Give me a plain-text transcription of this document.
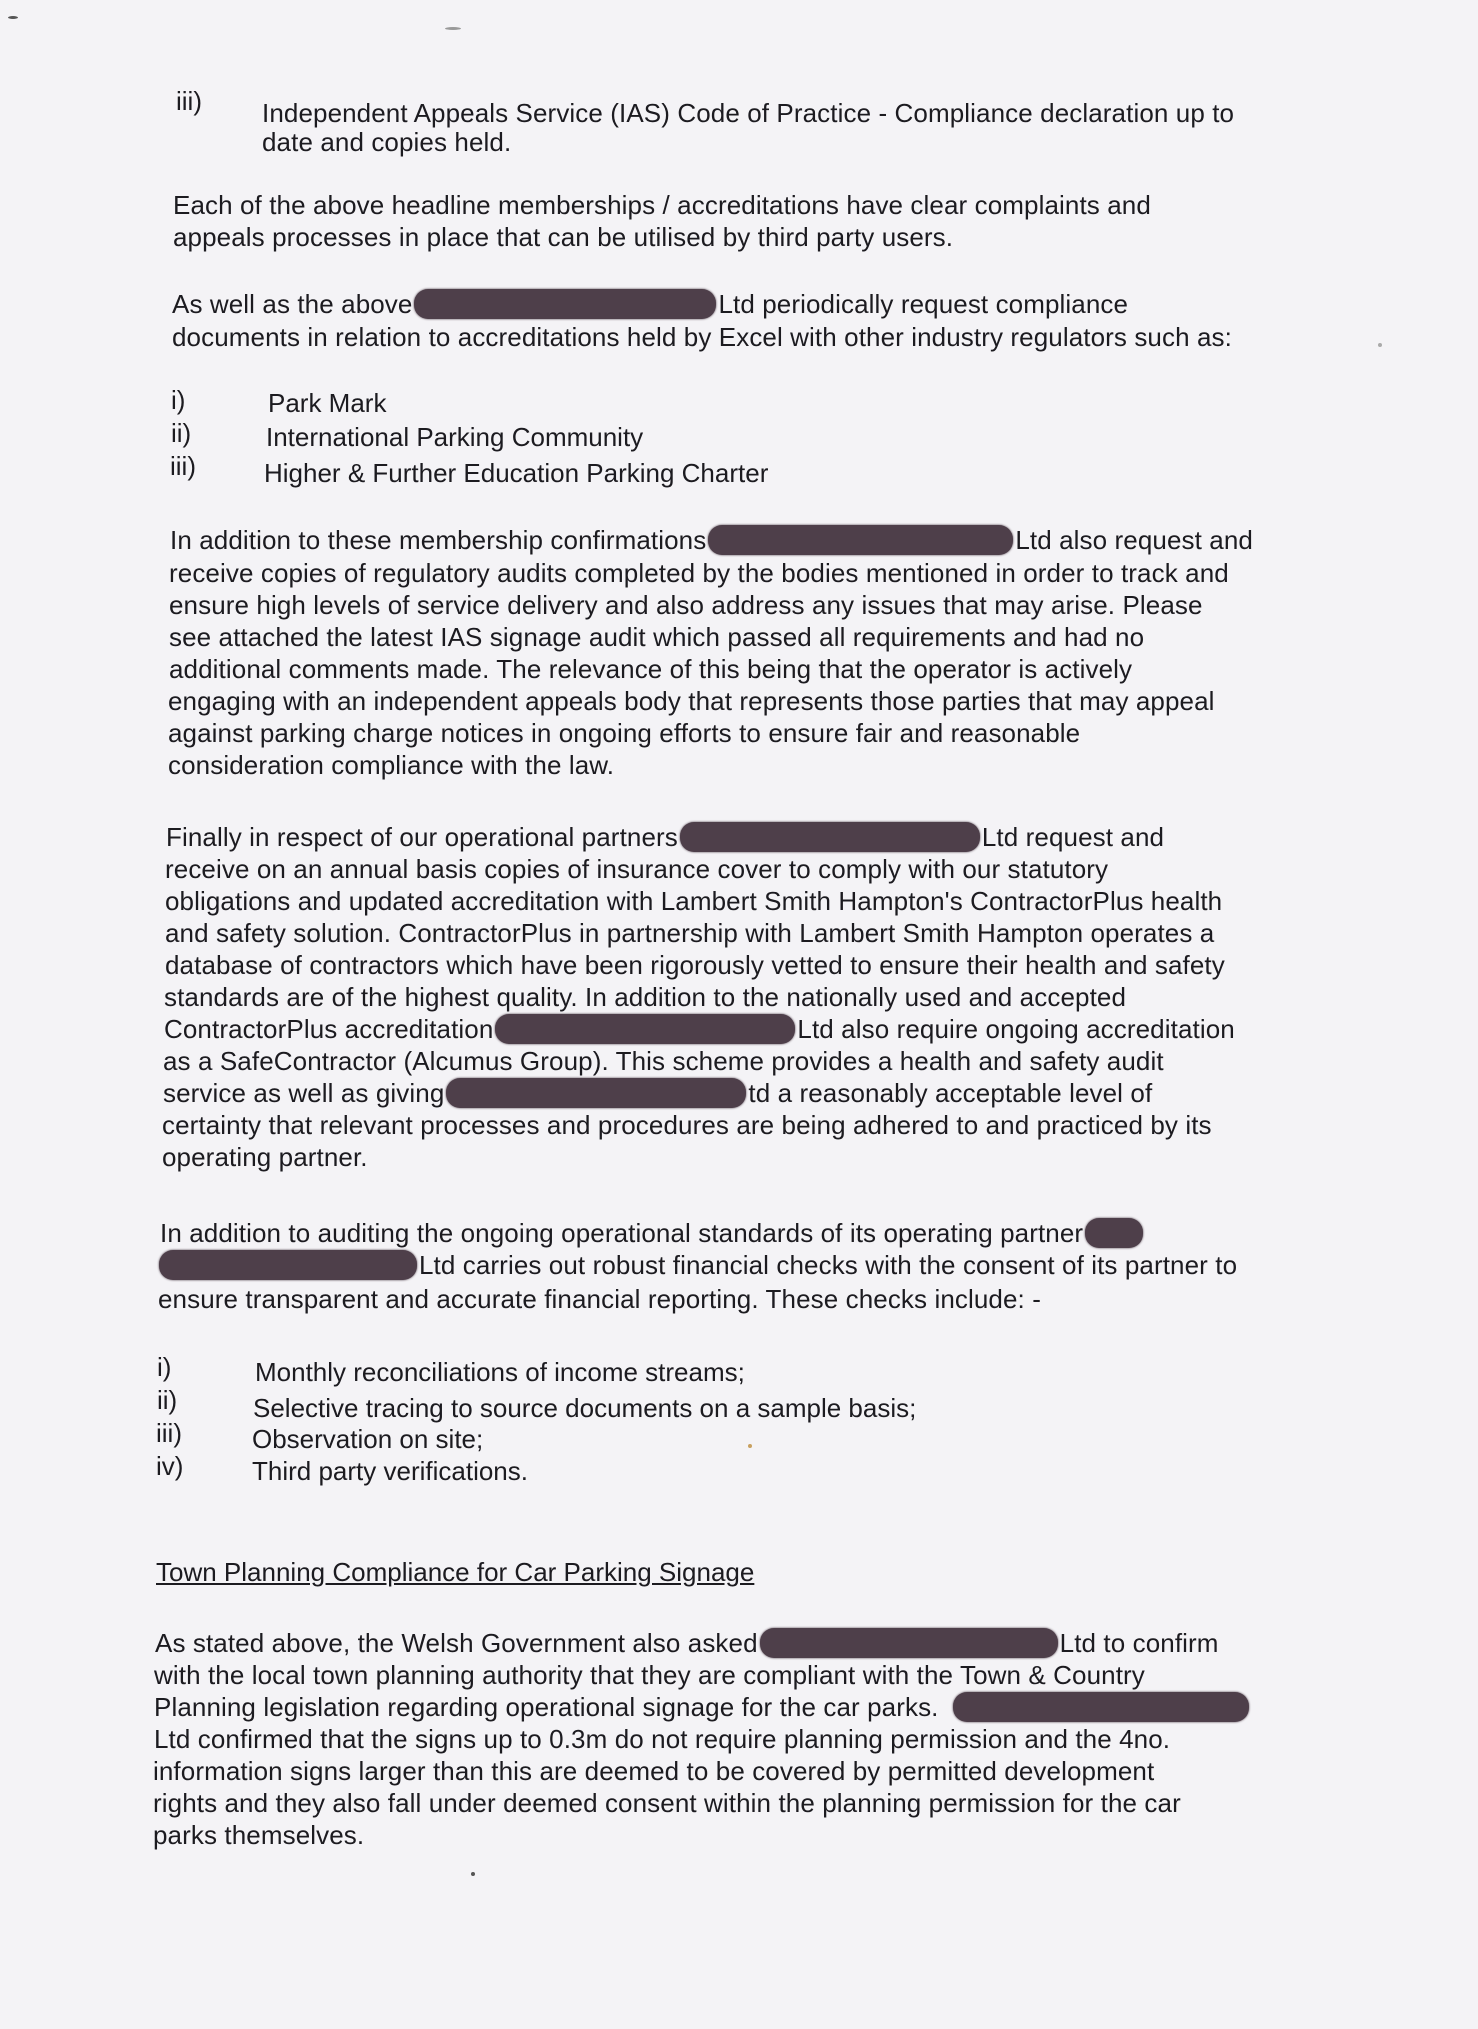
iii) Independent Appeals Service (IAS) Code of Practice - Compliance declaration up to
date and copies held.
Each of the above headline memberships / accreditations have clear complaints and
appeals processes in place that can be utilised by third party users.
As well as the above	Ltd periodically request compliance
documents in relation to accreditations held by Excel with other industry regulators such as:
i)	Park Mark
ii)	International Parking Community
iii)	Higher & Further Education Parking Charter
In addition to these membership confirmations	Ltd also request and
receive copies of regulatory audits completed by the bodies mentioned in order to track and
ensure high levels of service delivery and also address any issues that may arise. Please
see attached the latest IAS signage audit which passed all requirements and had no
additional comments made. The relevance of this being that the operator is actively
engaging with an independent appeals body that represents those parties that may appeal
against parking charge notices in ongoing efforts to ensure fair and reasonable
consideration compliance with the law.
Finally in respect of our operational partners	Ltd request and
receive on an annual basis copies of insurance cover to comply with our statutory
obligations and updated accreditation with Lambert Smith Hampton's ContractorPlus health
and safety solution. ContractorPlus in partnership with Lambert Smith Hampton operates a
database of contractors which have been rigorously vetted to ensure their health and safety
standards are of the highest quality. In addition to the nationally used and accepted
ContractorPlus accreditation	Ltd also require ongoing accreditation
as a SafeContractor (Alcumus Group). This scheme provides a health and safety audit
service as well as giving	td a reasonably acceptable level of
certainty that relevant processes and procedures are being adhered to and practiced by its
operating partner.
In addition to auditing the ongoing operational standards of its operating partner
Ltd carries out robust financial checks with the consent of its partner to
ensure transparent and accurate financial reporting. These checks include: -
i)	Monthly reconciliations of income streams;
ii)	Selective tracing to source documents on a sample basis;
iii)	Observation on site;
iv)	Third party verifications.
Town Planning Compliance for Car Parking Signage
As stated above, the Welsh Government also asked	Ltd to confirm
with the local town planning authority that they are compliant with the Town & Country
Planning legislation regarding operational signage for the car parks.
Ltd confirmed that the signs up to 0.3m do not require planning permission and the 4no.
information signs larger than this are deemed to be covered by permitted development
rights and they also fall under deemed consent within the planning permission for the car
parks themselves.
